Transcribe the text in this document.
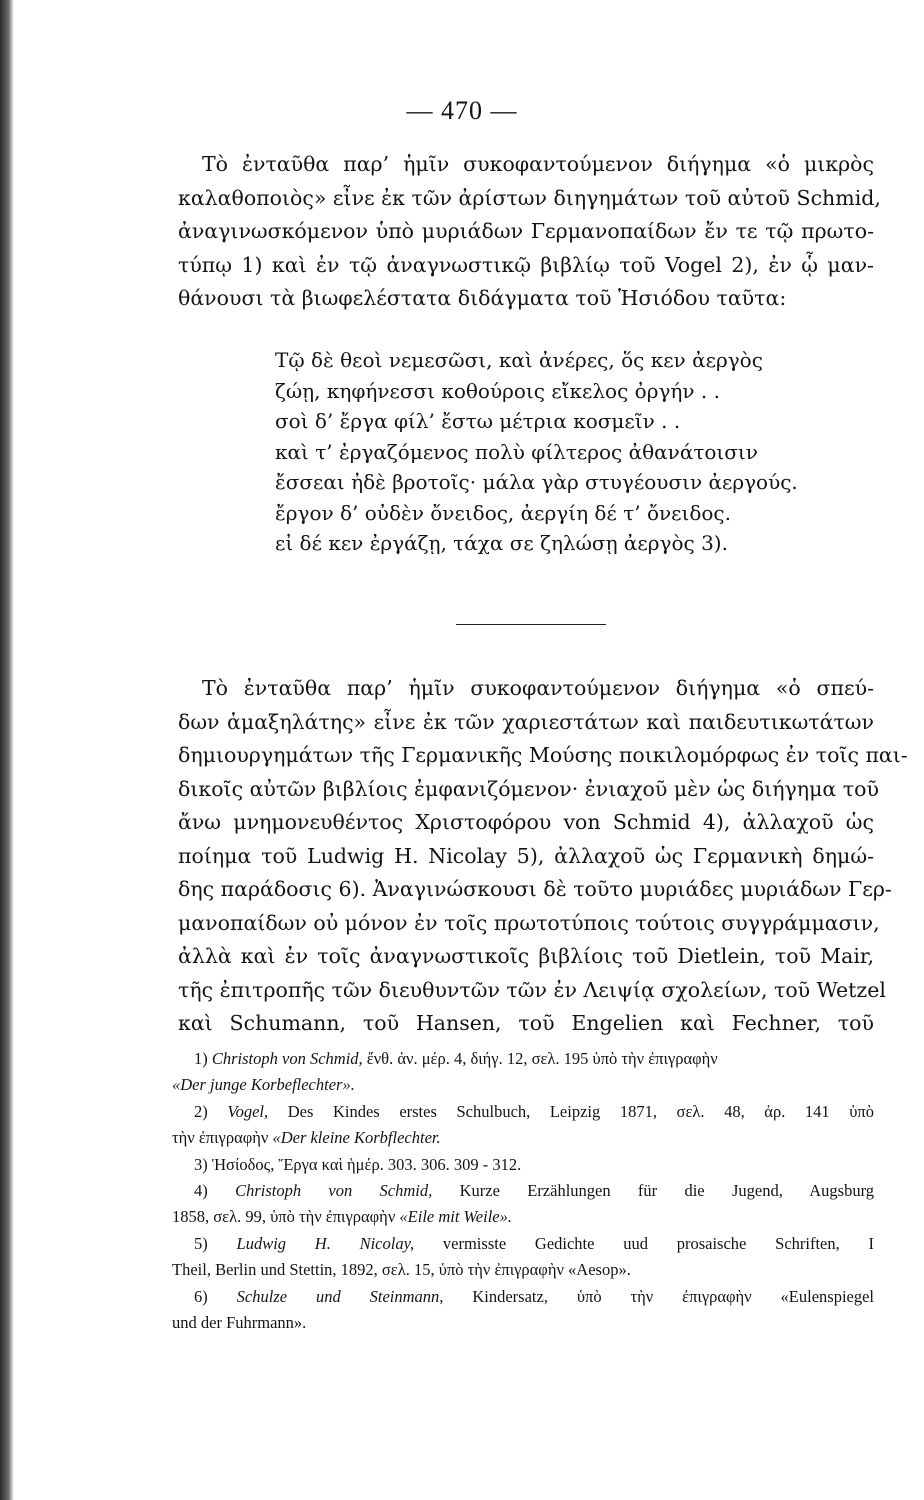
— 470 —
Τὸ ἐνταῦθα παρ’ ἡμῖν συκοφαντούμενον διήγημα «ὁ μικρὸς
καλαθοποιὸς» εἶνε ἐκ τῶν ἀρίστων διηγημάτων τοῦ αὐτοῦ Schmid,
ἀναγινωσκόμενον ὑπὸ μυριάδων Γερμανοπαίδων ἔν τε τῷ πρωτο-
τύπῳ 1) καὶ ἐν τῷ ἀναγνωστικῷ βιβλίῳ τοῦ Vogel 2), ἐν ᾧ μαν-
θάνουσι τὰ βιωφελέστατα διδάγματα τοῦ Ἡσιόδου ταῦτα:
Τῷ δὲ θεοὶ νεμεσῶσι, καὶ ἀνέρες, ὅς κεν ἀεργὸς
ζώῃ, κηφήνεσσι κοθούροις εἴκελος ὀργήν . .
σοὶ δ’ ἔργα φίλ’ ἔστω μέτρια κοσμεῖν . .
καὶ τ’ ἐργαζόμενος πολὺ φίλτερος ἀθανάτοισιν
ἔσσεαι ἠδὲ βροτοῖς· μάλα γὰρ στυγέουσιν ἀεργούς.
ἔργον δ’ οὐδὲν ὄνειδος, ἀεργίη δέ τ’ ὄνειδος.
εἰ δέ κεν ἐργάζῃ, τάχα σε ζηλώσῃ ἀεργὸς 3).
Τὸ ἐνταῦθα παρ’ ἡμῖν συκοφαντούμενον διήγημα «ὁ σπεύ-
δων ἁμαξηλάτης» εἶνε ἐκ τῶν χαριεστάτων καὶ παιδευτικωτάτων
δημιουργημάτων τῆς Γερμανικῆς Μούσης ποικιλομόρφως ἐν τοῖς παι-
δικοῖς αὐτῶν βιβλίοις ἐμφανιζόμενον· ἐνιαχοῦ μὲν ὡς διήγημα τοῦ
ἄνω μνημονευθέντος Χριστοφόρου von Schmid 4), ἀλλαχοῦ ὡς
ποίημα τοῦ Ludwig H. Nicolay 5), ἀλλαχοῦ ὡς Γερμανικὴ δημώ-
δης παράδοσις 6). Ἀναγινώσκουσι δὲ τοῦτο μυριάδες μυριάδων Γερ-
μανοπαίδων οὐ μόνον ἐν τοῖς πρωτοτύποις τούτοις συγγράμμασιν,
ἀλλὰ καὶ ἐν τοῖς ἀναγνωστικοῖς βιβλίοις τοῦ Dietlein, τοῦ Mair,
τῆς ἐπιτροπῆς τῶν διευθυντῶν τῶν ἐν Λειψίᾳ σχολείων, τοῦ Wetzel
καὶ Schumann, τοῦ Hansen, τοῦ Engelien καὶ Fechner, τοῦ
1) Christoph von Schmid, ἔνθ. ἀν. μέρ. 4, διήγ. 12, σελ. 195 ὑπὸ τὴν ἐπιγραφὴν
«Der junge Korbeflechter».
2) Vogel, Des Kindes erstes Schulbuch, Leipzig 1871, σελ. 48, ἀρ. 141 ὑπὸ
τὴν ἐπιγραφὴν «Der kleine Korbflechter.
3) Ἡσίοδος, Ἔργα καὶ ἡμέρ. 303. 306. 309 - 312.
4) Christoph von Schmid, Kurze Erzählungen für die Jugend, Augsburg
1858, σελ. 99, ὑπὸ τὴν ἐπιγραφὴν «Eile mit Weile».
5) Ludwig H. Nicolay, vermisste Gedichte uud prosaische Schriften, I
Theil, Berlin und Stettin, 1892, σελ. 15, ὑπὸ τὴν ἐπιγραφὴν «Aesop».
6) Schulze und Steinmann, Kindersatz, ὑπὸ τὴν ἐπιγραφὴν «Eulenspiegel
und der Fuhrmann».
